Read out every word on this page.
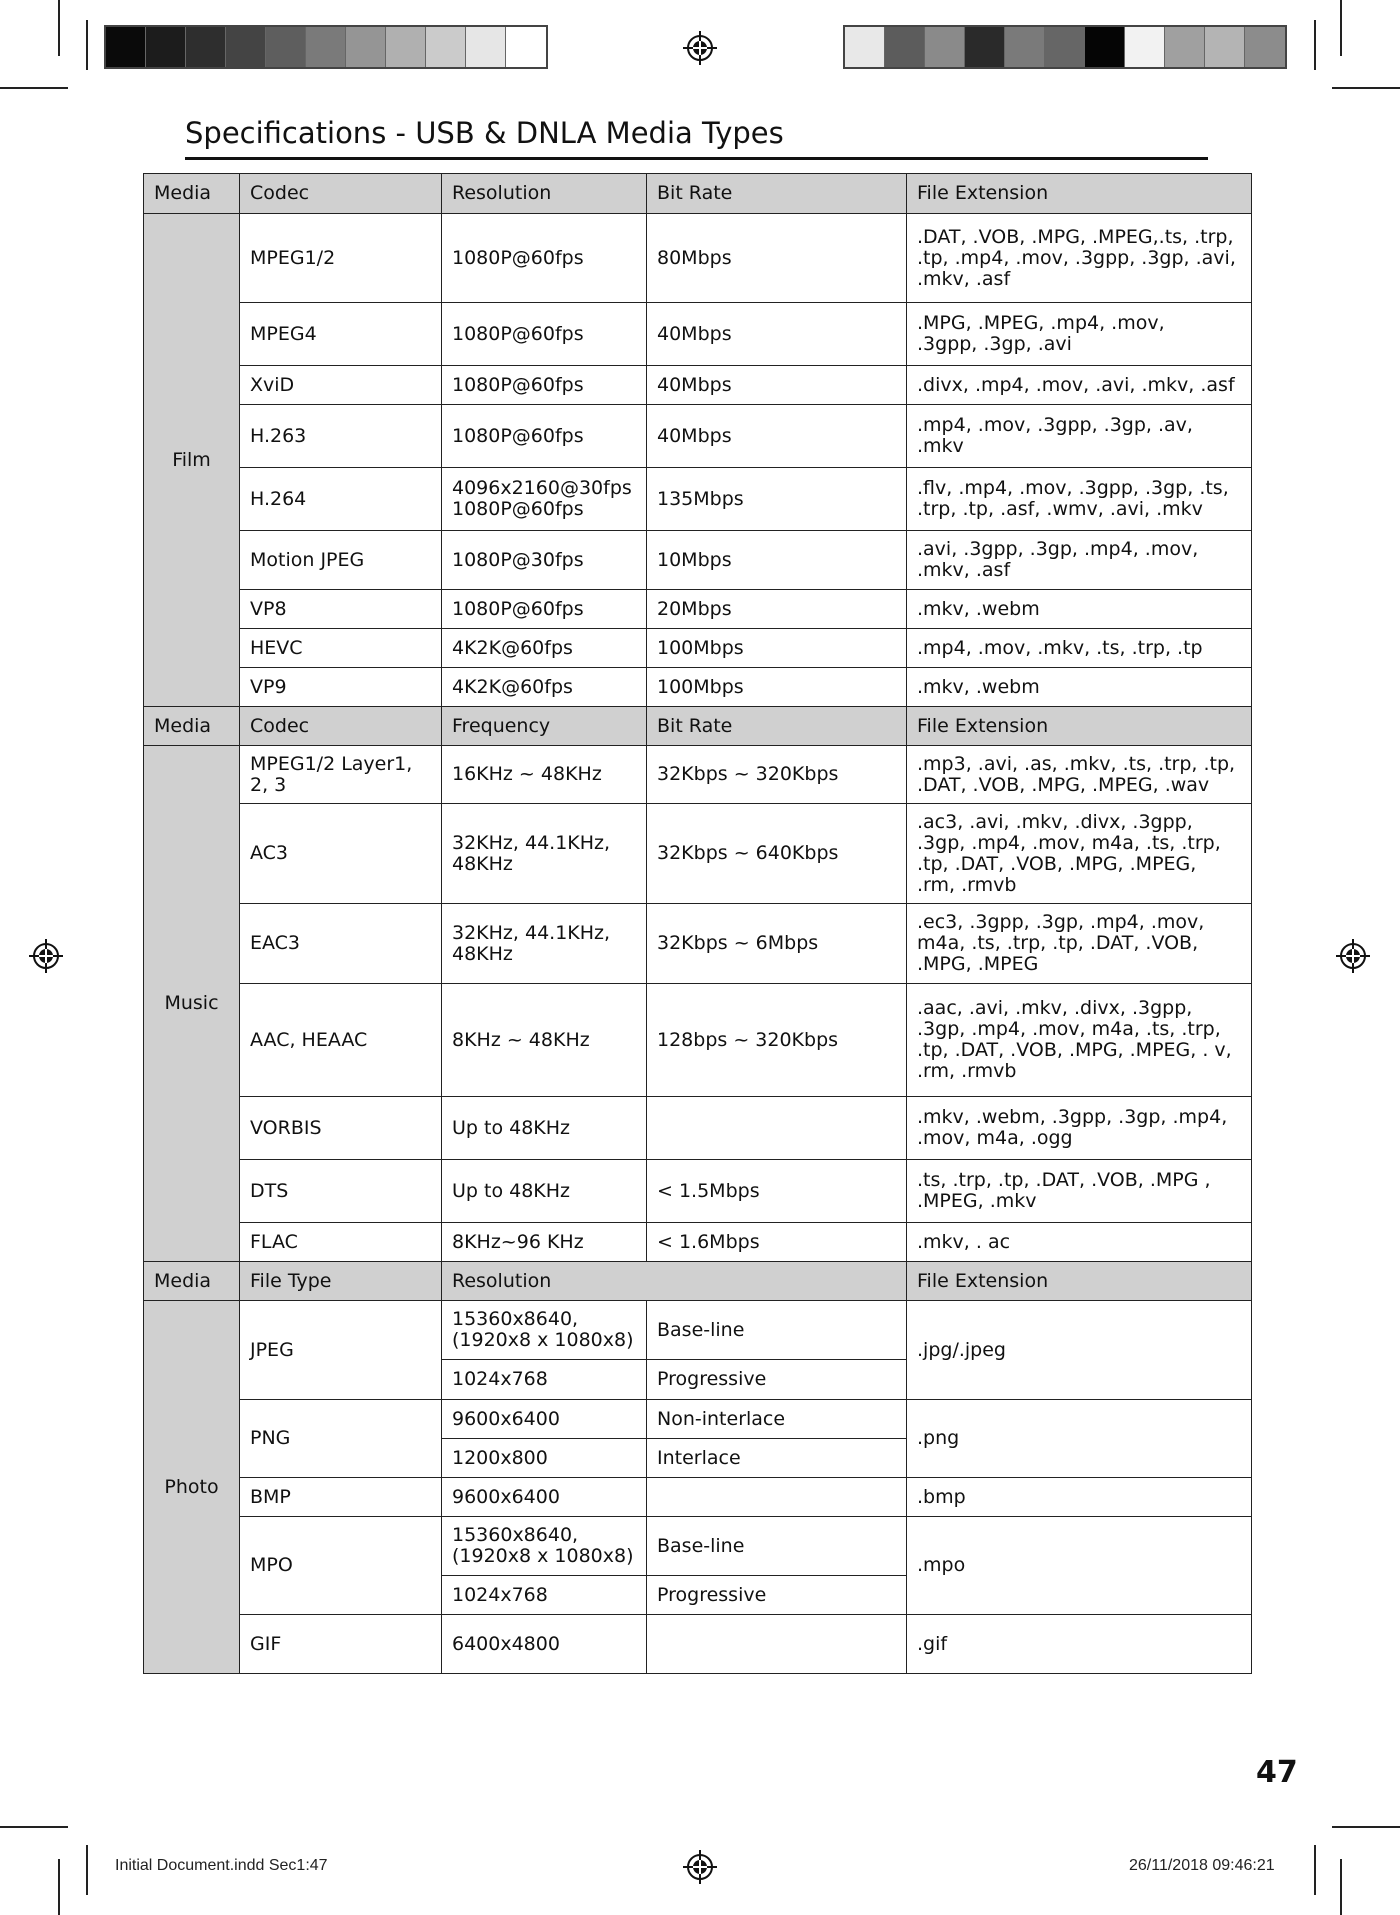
Specifications - USB & DNLA Media Types
Media	Codec	Resolution	Bit Rate	File Extension
Film	MPEG1/2	1080P@60fps	80Mbps	.DAT, .VOB, .MPG, .MPEG,.ts, .trp,
.tp, .mp4, .mov, .3gpp, .3gp, .avi,
.mkv, .asf
	MPEG4	1080P@60fps	40Mbps	.MPG, .MPEG, .mp4, .mov,
.3gpp, .3gp, .avi
	XviD	1080P@60fps	40Mbps	.divx, .mp4, .mov, .avi, .mkv, .asf
	H.263	1080P@60fps	40Mbps	.mp4, .mov, .3gpp, .3gp, .av,
.mkv
	H.264	4096x2160@30fps
1080P@60fps	135Mbps	.flv, .mp4, .mov, .3gpp, .3gp, .ts,
.trp, .tp, .asf, .wmv, .avi, .mkv
	Motion JPEG	1080P@30fps	10Mbps	.avi, .3gpp, .3gp, .mp4, .mov,
.mkv, .asf
	VP8	1080P@60fps	20Mbps	.mkv, .webm
	HEVC	4K2K@60fps	100Mbps	.mp4, .mov, .mkv, .ts, .trp, .tp
	VP9	4K2K@60fps	100Mbps	.mkv, .webm
Media	Codec	Frequency	Bit Rate	File Extension
Music	MPEG1/2 Layer1,
2, 3	16KHz ~ 48KHz	32Kbps ~ 320Kbps	.mp3, .avi, .as, .mkv, .ts, .trp, .tp,
.DAT, .VOB, .MPG, .MPEG, .wav
	AC3	32KHz, 44.1KHz,
48KHz	32Kbps ~ 640Kbps	.ac3, .avi, .mkv, .divx, .3gpp,
.3gp, .mp4, .mov, m4a, .ts, .trp,
.tp, .DAT, .VOB, .MPG, .MPEG,
.rm, .rmvb
	EAC3	32KHz, 44.1KHz,
48KHz	32Kbps ~ 6Mbps	.ec3, .3gpp, .3gp, .mp4, .mov,
m4a, .ts, .trp, .tp, .DAT, .VOB,
.MPG, .MPEG
	AAC, HEAAC	8KHz ~ 48KHz	128bps ~ 320Kbps	.aac, .avi, .mkv, .divx, .3gpp,
.3gp, .mp4, .mov, m4a, .ts, .trp,
.tp, .DAT, .VOB, .MPG, .MPEG, . v,
.rm, .rmvb
	VORBIS	Up to 48KHz		.mkv, .webm, .3gpp, .3gp, .mp4,
.mov, m4a, .ogg
	DTS	Up to 48KHz	< 1.5Mbps	.ts, .trp, .tp, .DAT, .VOB, .MPG ,
.MPEG, .mkv
	FLAC	8KHz~96 KHz	< 1.6Mbps	.mkv, . ac
Media	File Type	Resolution		File Extension
Photo	JPEG	15360x8640,
(1920x8 x 1080x8)	Base-line	.jpg/.jpeg
		1024x768	Progressive	
	PNG	9600x6400	Non-interlace	.png
		1200x800	Interlace	
	BMP	9600x6400		.bmp
	MPO	15360x8640,
(1920x8 x 1080x8)	Base-line	.mpo
		1024x768	Progressive	
	GIF	6400x4800		.gif
47
Initial Document.indd Sec1:47	26/11/2018 09:46:21
